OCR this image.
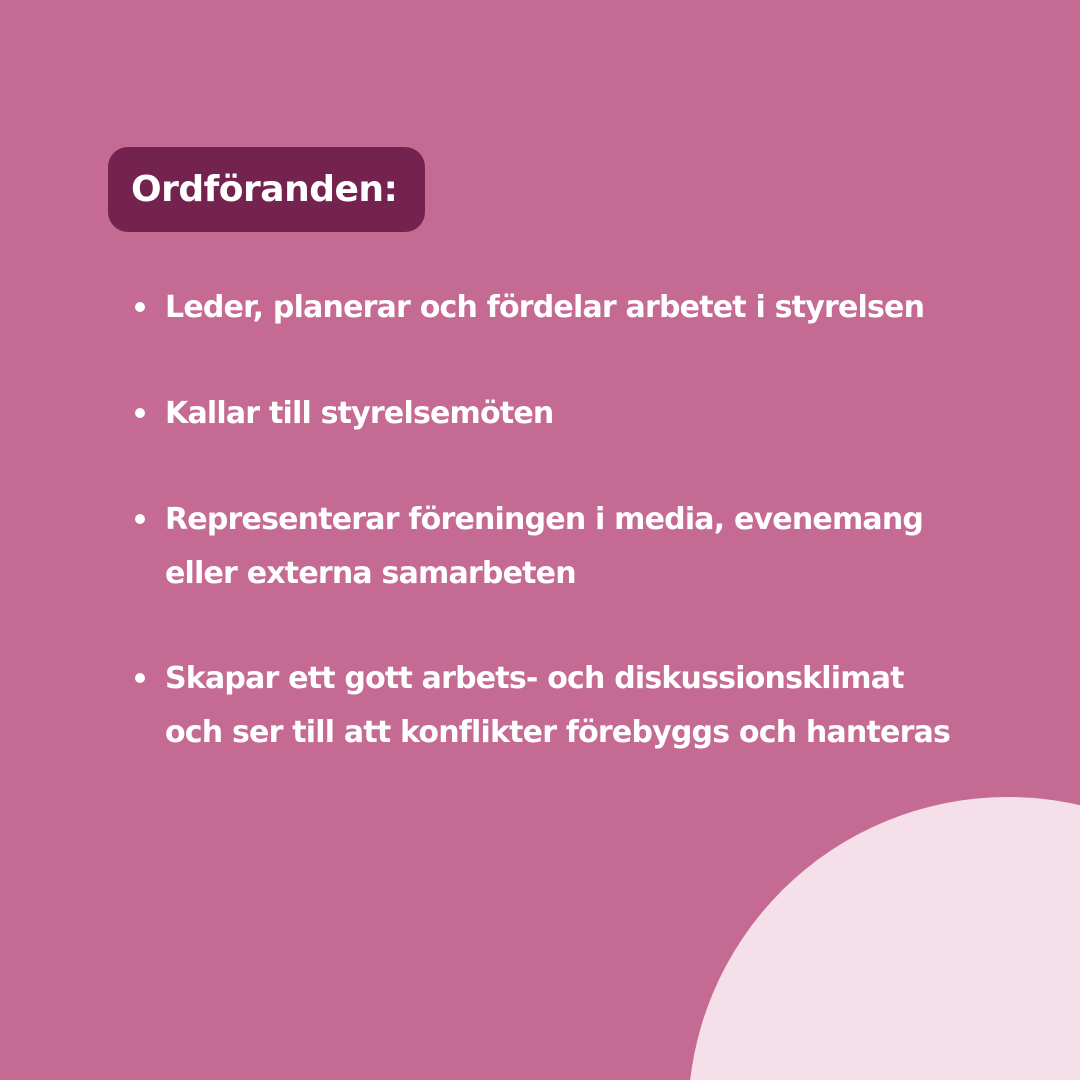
Ordföranden:
Leder, planerar och fördelar arbetet i styrelsen
Kallar till styrelsemöten
Representerar föreningen i media, evenemang
eller externa samarbeten
Skapar ett gott arbets- och diskussionsklimat
och ser till att konflikter förebyggs och hanteras
